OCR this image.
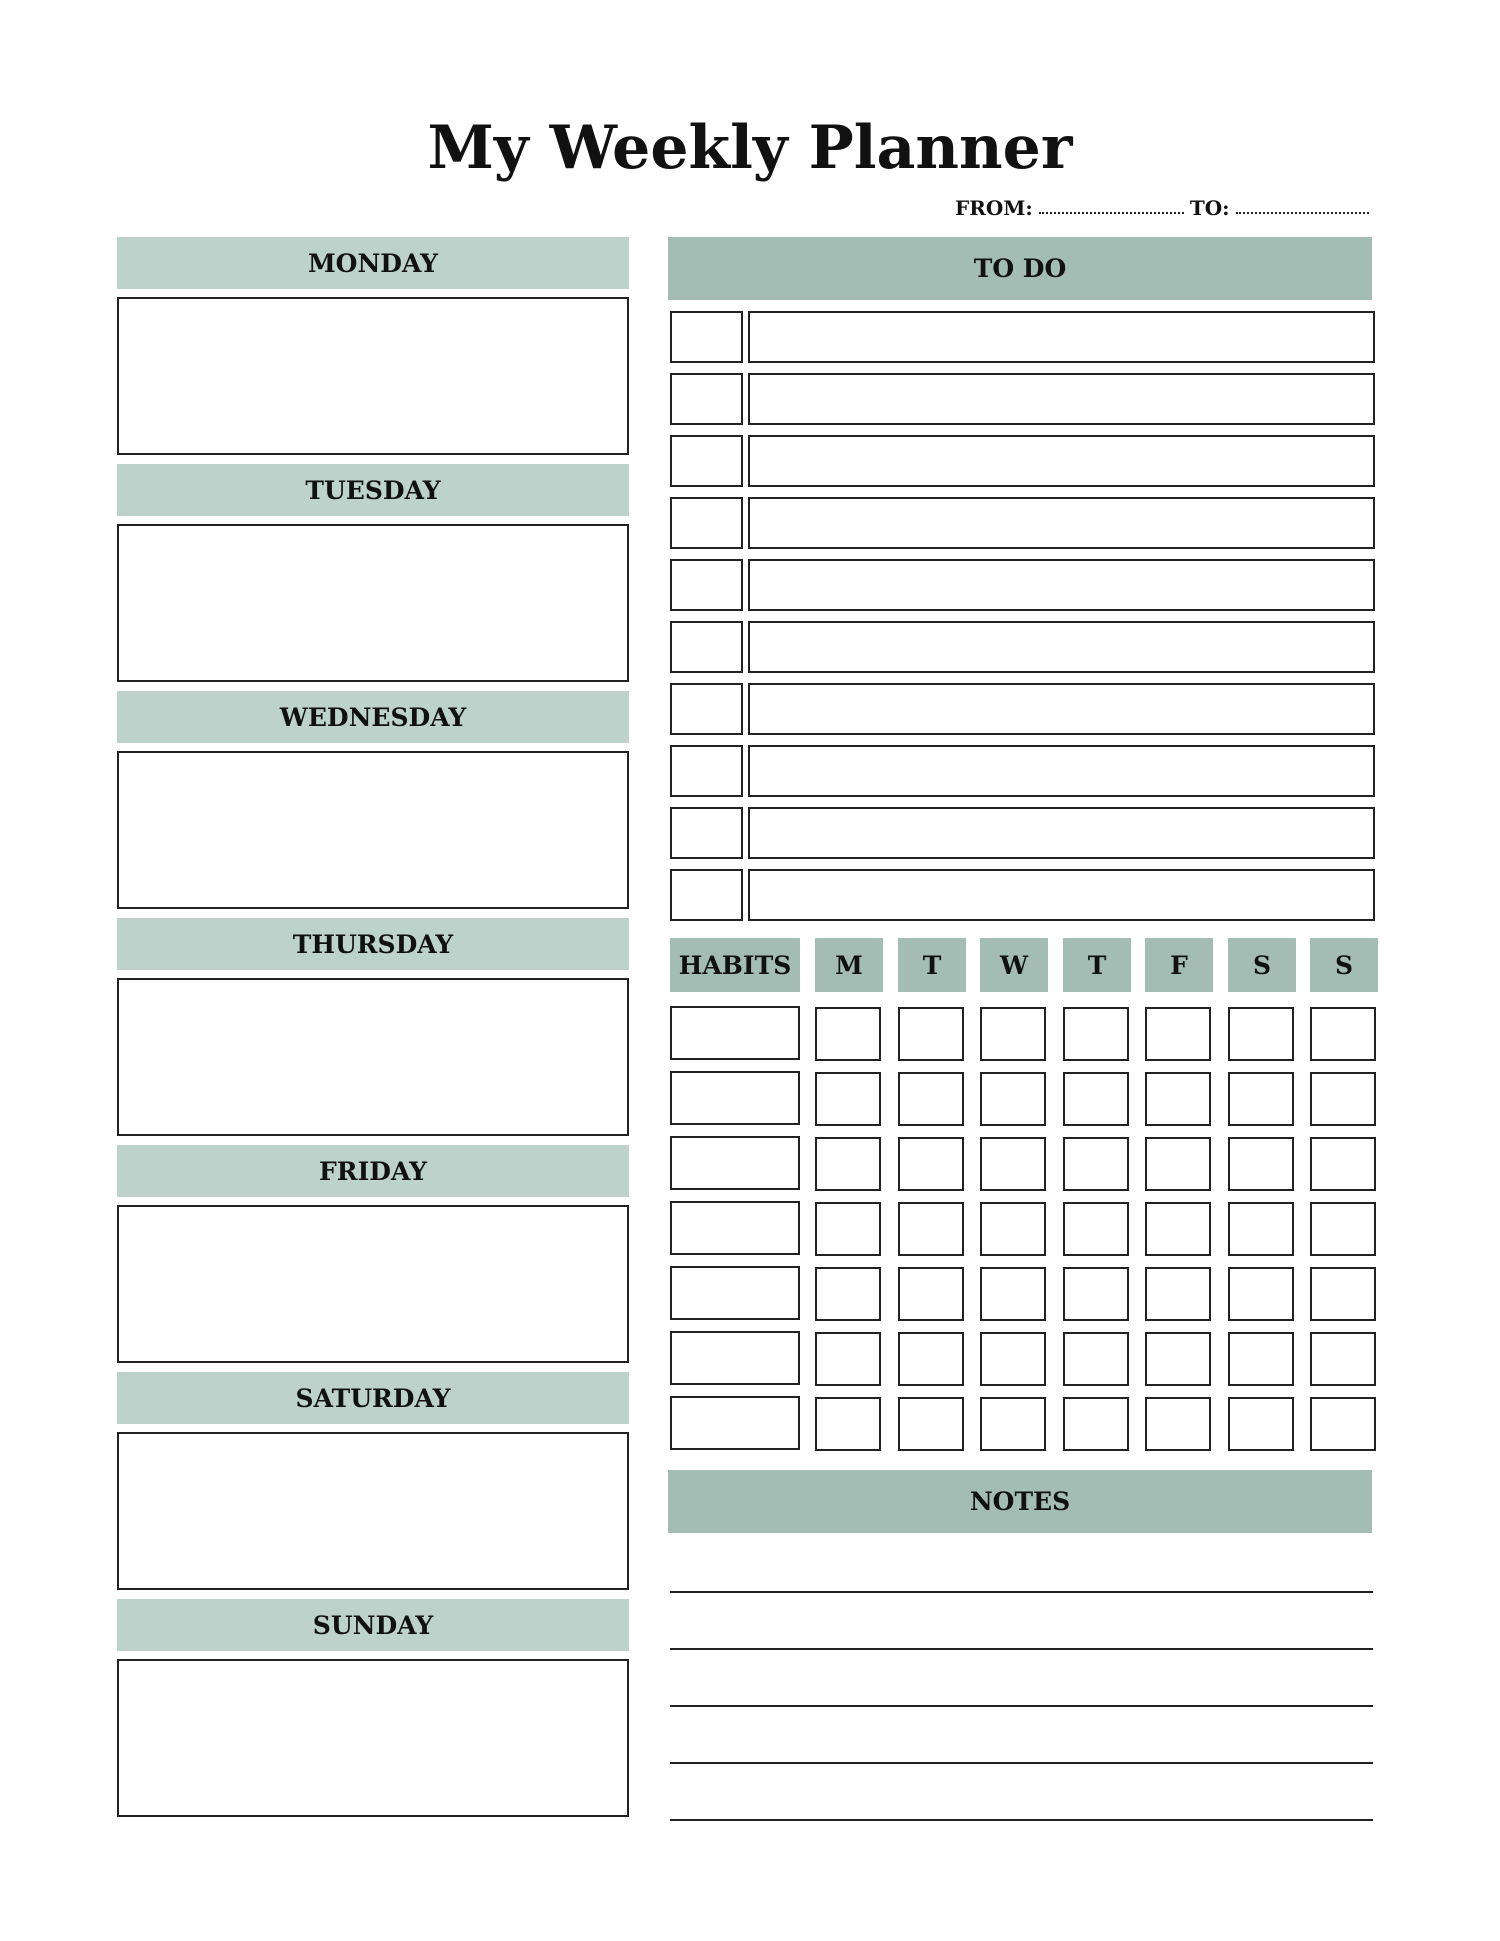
My Weekly Planner
FROM:	TO:
MONDAY
TUESDAY
WEDNESDAY
THURSDAY
FRIDAY
SATURDAY
SUNDAY
TO DO
HABITS	M	T	W	T	F	S	S
NOTES
